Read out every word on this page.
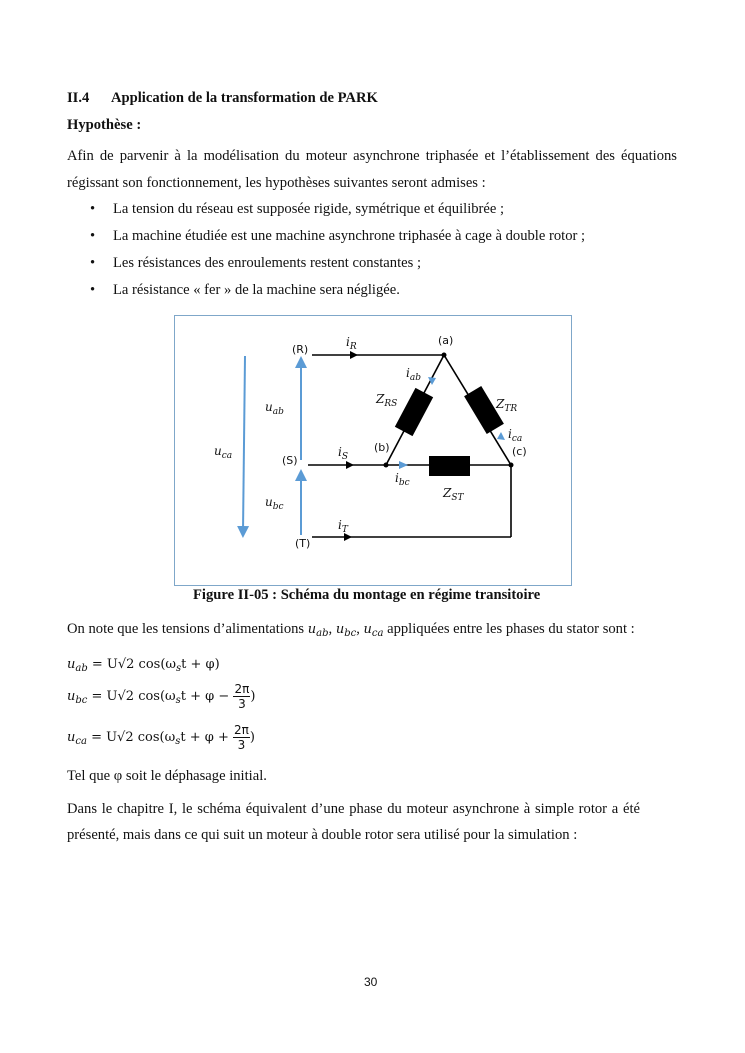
II.4 Application de la transformation de PARK
Hypothèse :
Afin de parvenir à la modélisation du moteur asynchrone triphasée et l’établissement des équations
régissant son fonctionnement, les hypothèses suivantes seront admises :
• La tension du réseau est supposée rigide, symétrique et équilibrée ;
• La machine étudiée est une machine asynchrone triphasée à cage à double rotor ;
• Les résistances des enroulements restent constantes ;
• La résistance « fer » de la machine sera négligée.
(R)
(S)
(T)
(a)
(b)	(c)
$i_R$
$i_S$
$i_T$
$i_{ab}$
$i_{bc}$
$i_{ca}$
$Z_{RS}$	$Z_{TR}$
$Z_{ST}$
$u_{ab}$
$u_{bc}$
$u_{ca}$
Figure II-05 : Schéma du montage en régime transitoire
On note que les tensions d’alimentations $u_{ab}$, $u_{bc}$, $u_{ca}$ appliquées entre les phases du stator sont :
$u_{ab} = U√2$ $\cos(\omega_st + \varphi)$
$u_{bc} = U√2$ $\cos(\omega_st + \varphi - \frac{2\pi}{3}$ )
$u_{ca} = U√2$ $\cos(\omega_st + \varphi + \frac{2\pi}{3}$ )
Tel que φ soit le déphasage initial.
Dans le chapitre I, le schéma équivalent d’une phase du moteur asynchrone à simple rotor a été
présenté, mais dans ce qui suit un moteur à double rotor sera utilisé pour la simulation :
30
